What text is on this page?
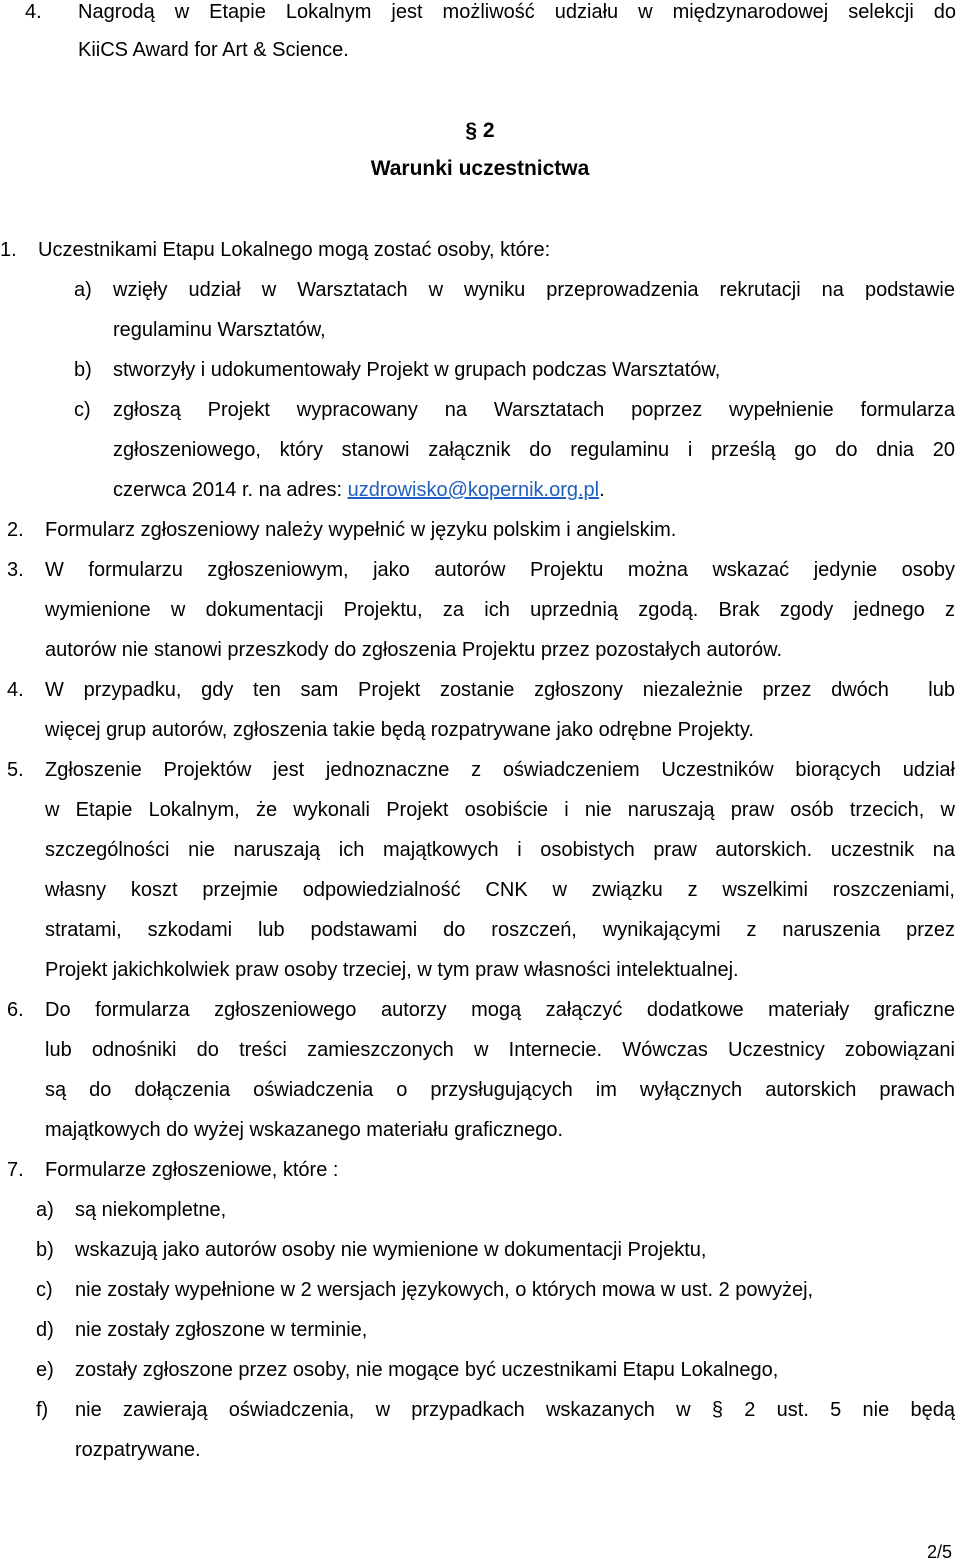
4. Nagrodą w Etapie Lokalnym jest możliwość udziału w międzynarodowej selekcji do
KiiCS Award for Art & Science.
§ 2
Warunki uczestnictwa
1. Uczestnikami Etapu Lokalnego mogą zostać osoby, które:
a) wzięły udział w Warsztatach w wyniku przeprowadzenia rekrutacji na podstawie
regulaminu Warsztatów,
b) stworzyły i udokumentowały Projekt w grupach podczas Warsztatów,
c) zgłoszą Projekt wypracowany na Warsztatach poprzez wypełnienie formularza
zgłoszeniowego, który stanowi załącznik do regulaminu i prześlą go do dnia 20
czerwca 2014 r. na adres: uzdrowisko@kopernik.org.pl.
2. Formularz zgłoszeniowy należy wypełnić w języku polskim i angielskim.
3. W formularzu zgłoszeniowym, jako autorów Projektu można wskazać jedynie osoby
wymienione w dokumentacji Projektu, za ich uprzednią zgodą. Brak zgody jednego z
autorów nie stanowi przeszkody do zgłoszenia Projektu przez pozostałych autorów.
4. W przypadku, gdy ten sam Projekt zostanie zgłoszony niezależnie przez dwóch  lub
więcej grup autorów, zgłoszenia takie będą rozpatrywane jako odrębne Projekty.
5. Zgłoszenie Projektów jest jednoznaczne z oświadczeniem Uczestników biorących udział
w Etapie Lokalnym, że wykonali Projekt osobiście i nie naruszają praw osób trzecich, w
szczególności nie naruszają ich majątkowych i osobistych praw autorskich. uczestnik na
własny koszt przejmie odpowiedzialność CNK w związku z wszelkimi roszczeniami,
stratami, szkodami lub podstawami do roszczeń, wynikającymi z naruszenia przez
Projekt jakichkolwiek praw osoby trzeciej, w tym praw własności intelektualnej.
6. Do formularza zgłoszeniowego autorzy mogą załączyć dodatkowe materiały graficzne
lub odnośniki do treści zamieszczonych w Internecie. Wówczas Uczestnicy zobowiązani
są do dołączenia oświadczenia o przysługujących im wyłącznych autorskich prawach
majątkowych do wyżej wskazanego materiału graficznego.
7. Formularze zgłoszeniowe, które :
a) są niekompletne,
b) wskazują jako autorów osoby nie wymienione w dokumentacji Projektu,
c) nie zostały wypełnione w 2 wersjach językowych, o których mowa w ust. 2 powyżej,
d) nie zostały zgłoszone w terminie,
e) zostały zgłoszone przez osoby, nie mogące być uczestnikami Etapu Lokalnego,
f) nie zawierają oświadczenia, w przypadkach wskazanych w § 2 ust. 5 nie będą
rozpatrywane.
2/5
